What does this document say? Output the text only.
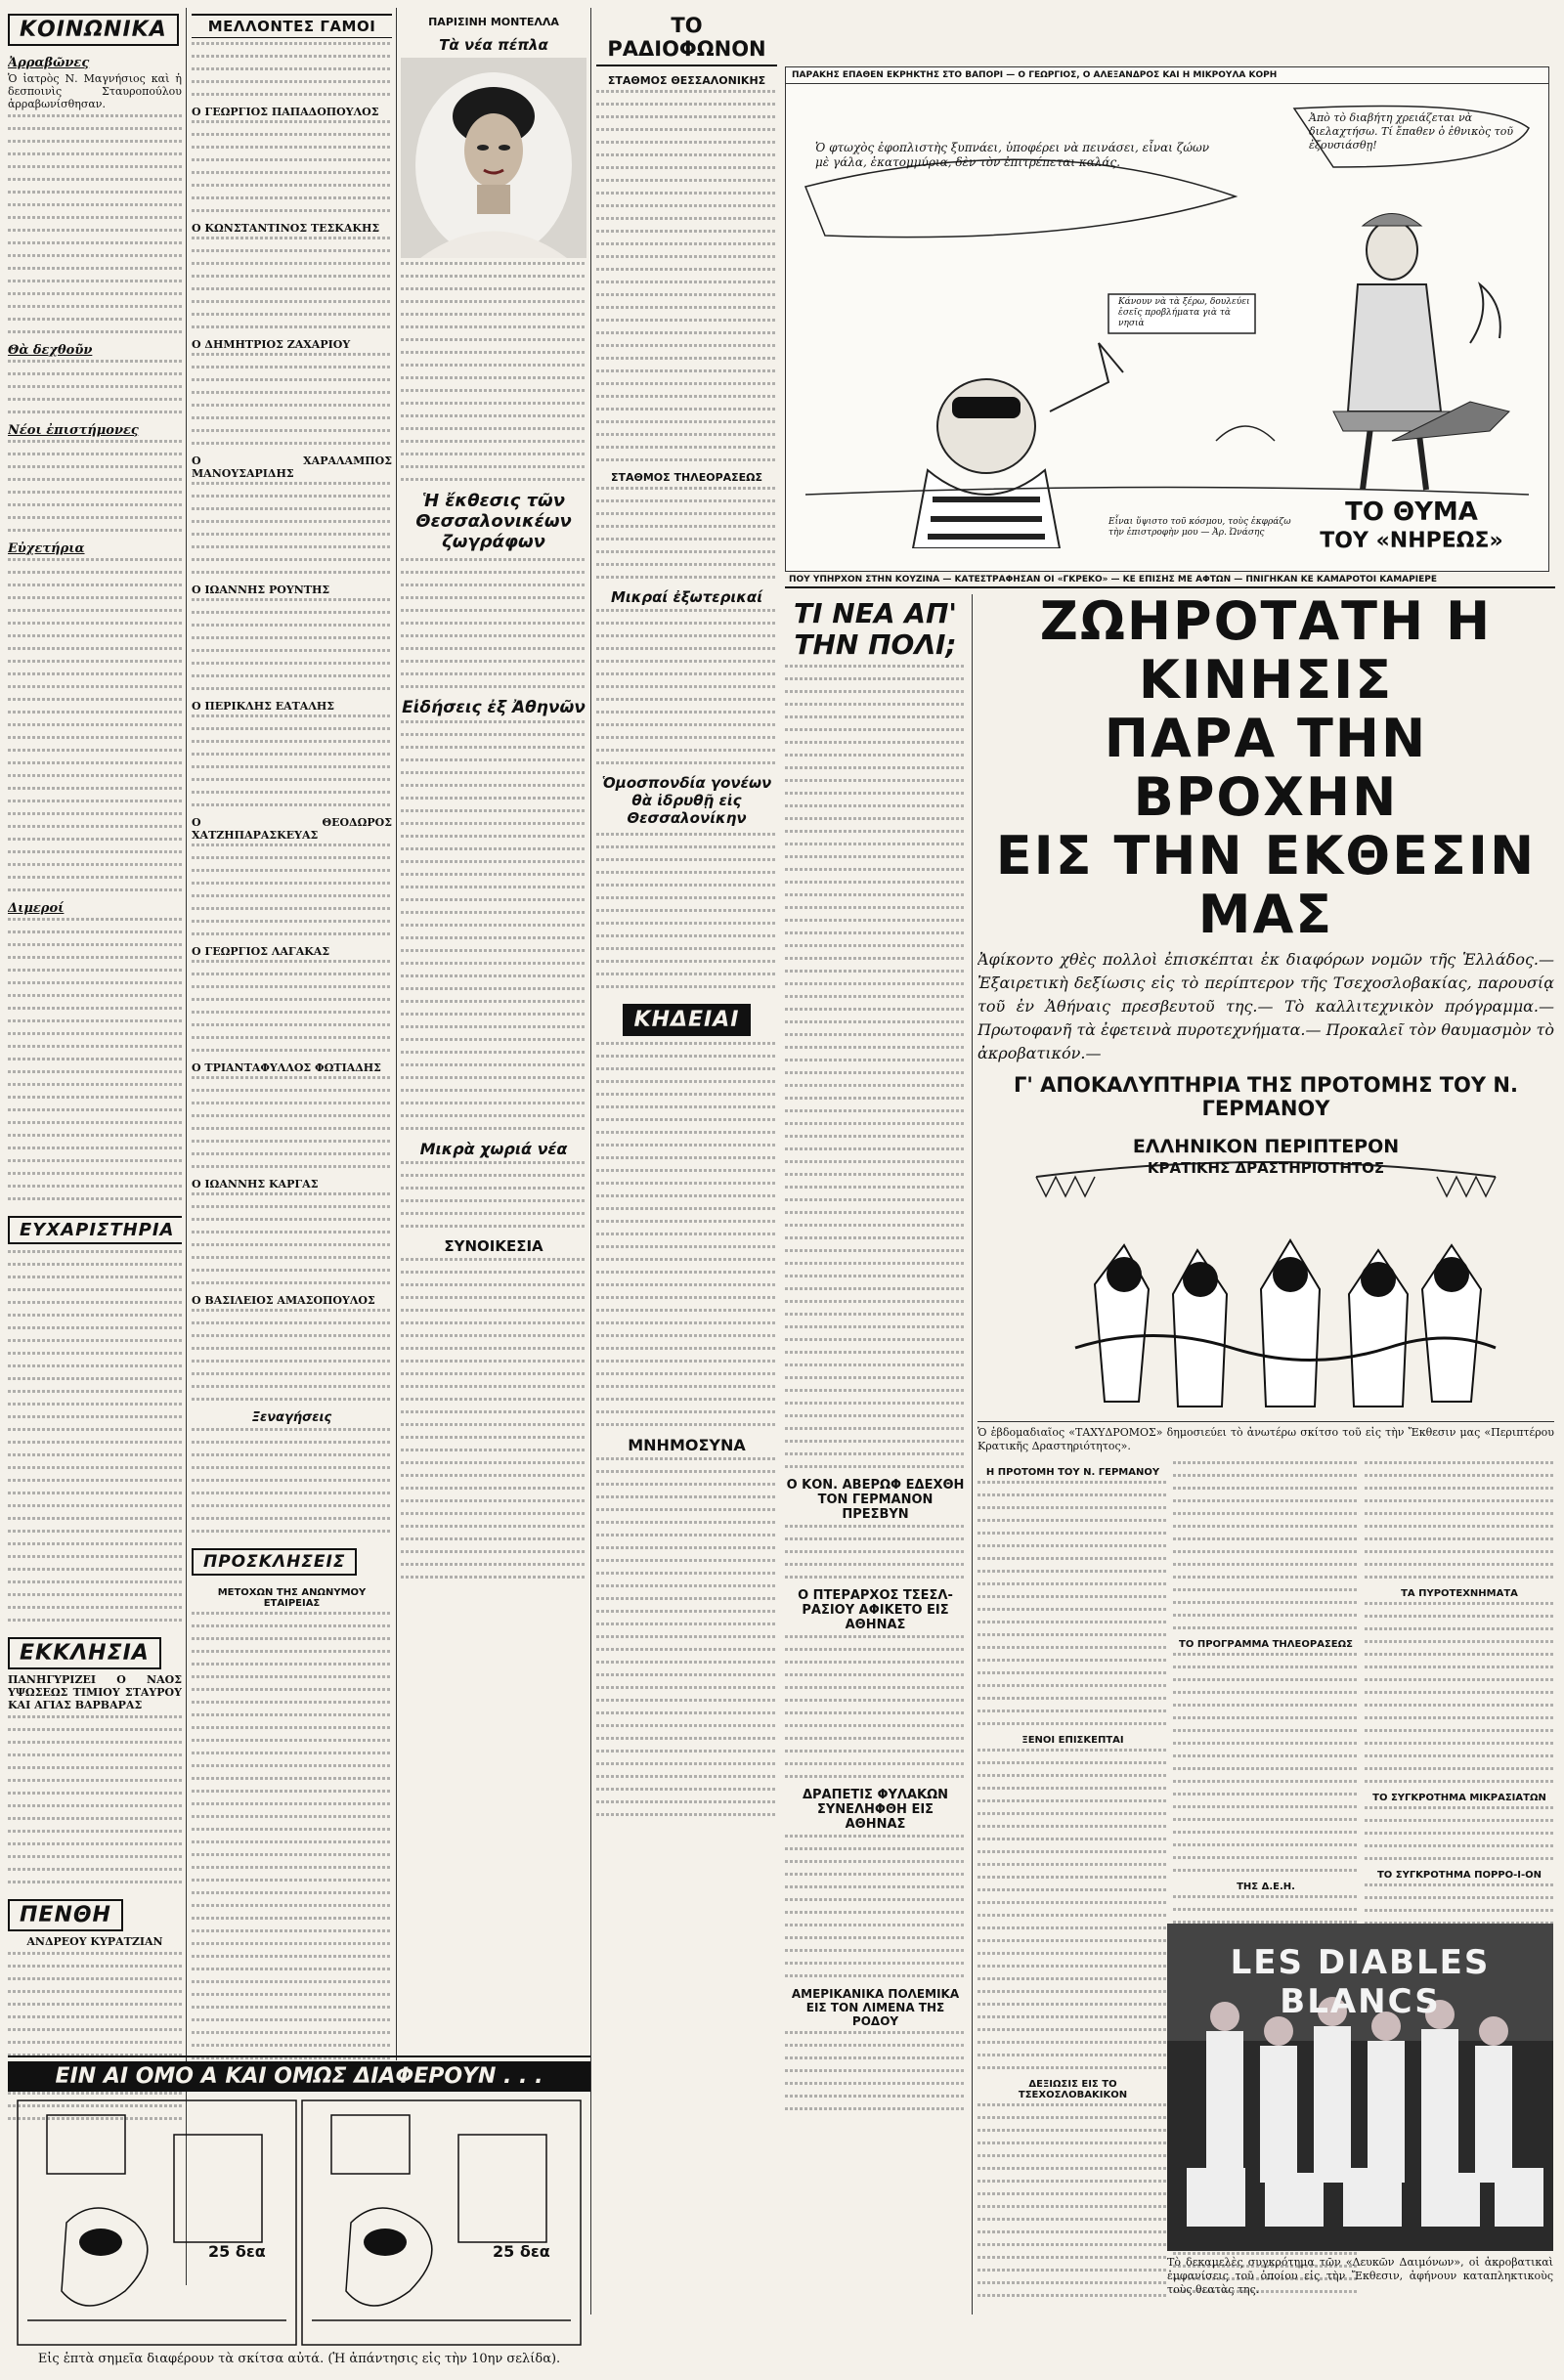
ΚΟΙΝΩΝΙΚΑ
Ἀρραβῶνες

Ὁ ἰατρὸς Ν. Μαγνήσιος καὶ ἡ δεσποινὶς Σταυροπούλου ἀρραβωνίσθησαν.

Θὰ δεχθοῦν
Νέοι ἐπιστήμονες
Εὐχετήρια
Διμεροί
ΕΥΧΑΡΙΣΤΗΡΙΑ
ΕΚΚΛΗΣΙΑ

ΠΑΝΗΓΥΡΙΖΕΙ Ο ΝΑΟΣ ΥΨΩΣΕΩΣ ΤΙΜΙΟΥ ΣΤΑΥΡΟΥ ΚΑΙ ΑΓΙΑΣ ΒΑΡΒΑΡΑΣ

ΠΕΝΘΗ

ΑΝΔΡΕΟΥ ΚΥΡΑΤΖΙΑΝ

ΜΕΛΛΟΝΤΕΣ ΓΑΜΟΙ
Ο ΓΕΩΡΓΙΟΣ ΠΑΠΑΔΟΠΟΥΛΟΣ
Ο ΚΩΝΣΤΑΝΤΙΝΟΣ ΤΕΣΚΑΚΗΣ
Ο ΔΗΜΗΤΡΙΟΣ ΖΑΧΑΡΙΟΥ
Ο ΧΑΡΑΛΑΜΠΟΣ ΜΑΝΟΥΣΑΡΙΔΗΣ
Ο ΙΩΑΝΝΗΣ ΡΟΥΝΤΗΣ
Ο ΠΕΡΙΚΛΗΣ ΕΑΤΑΛΗΣ
Ο ΘΕΟΔΩΡΟΣ ΧΑΤΖΗΠΑΡΑΣΚΕΥΑΣ
Ο ΓΕΩΡΓΙΟΣ ΛΑΓΑΚΑΣ
Ο ΤΡΙΑΝΤΑΦΥΛΛΟΣ ΦΩΤΙΑΔΗΣ
Ο ΙΩΑΝΝΗΣ ΚΑΡΓΑΣ
Ο ΒΑΣΙΛΕΙΟΣ ΑΜΑΣΟΠΟΥΛΟΣ
Ξεναγήσεις
ΠΡΟΣΚΛΗΣΕΙΣ
ΜΕΤΟΧΩΝ ΤΗΣ ΑΝΩΝΥΜΟΥ ΕΤΑΙΡΕΙΑΣ
ΠΑΡΙΣΙΝΗ ΜΟΝΤΕΛΛΑ
Τὰ νέα πέπλα
Ἡ ἔκθεσις τῶν Θεσσαλονικέων ζωγράφων
Εἰδήσεις ἐξ Ἀθηνῶν
Μικρὰ χωριά νέα
ΣΥΝΟΙΚΕΣΙΑ
ΤΟ ΡΑΔΙΟΦΩΝΟΝ
ΣΤΑΘΜΟΣ ΘΕΣΣΑΛΟΝΙΚΗΣ
ΣΤΑΘΜΟΣ ΤΗΛΕΟΡΑΣΕΩΣ
Μικραί ἐξωτερικαί
Ὁμοσπονδία γονέων θὰ ἱδρυθῇ εἰς Θεσσαλονίκην
ΚΗΔΕΙΑΙ
ΜΝΗΜΟΣΥΝΑ
ΠΑΡΑΚΗΣ ΕΠΑΘΕΝ ΕΚΡΗΚΤΗΣ ΣΤΟ ΒΑΠΟΡΙ — Ο ΓΕΩΡΓΙΟΣ, Ο ΑΛΕΞΑΝΔΡΟΣ ΚΑΙ Η ΜΙΚΡΟΥΛΑ ΚΟΡΗ
Ὁ φτωχὸς ἐφοπλιστὴς ξυπνάει, ὑποφέρει νὰ πεινάσει, εἶναι ζώων μὲ γάλα, ἑκατομμύρια, δὲν τὸν ἐπιτρέπεται καλάς.
Ἀπὸ τὸ διαβήτη χρειάζεται νὰ διελαχτήσω. Τί ἔπαθεν ὁ ἐθνικὸς τοῦ ἐξουσιάσθῃ!
Κάνουν νὰ τὰ ξέρω, δουλεύει ἐσεῖς προβλήματα γιὰ τὰ νησιὰ
Εἶναι ὕψιστο τοῦ κόσμου, τοὺς ἐκφράζω τὴν ἐπιστροφὴν μου — Ἀρ. Ὠνάσης
ΤΟ ΘΥΜΑ
ΤΟΥ «ΝΗΡΕΩΣ»
ΠΟΥ ΥΠΗΡΧΟΝ ΣΤΗΝ ΚΟΥΖΙΝΑ — ΚΑΤΕΣΤΡΑΦΗΣΑΝ ΟΙ «ΓΚΡΕΚΟ» — ΚΕ ΕΠΙΣΗΣ ΜΕ ΑΦΤΩΝ — ΠΝΙΓΗΚΑΝ ΚΕ ΚΑΜΑΡΟΤΟΙ ΚΑΜΑΡΙΕΡΕ
ΤΙ ΝΕΑ ΑΠ' ΤΗΝ ΠΟΛΙ;
Ο ΚΟΝ. ΑΒΕΡΩΦ ΕΔΕΧΘΗ ΤΟΝ ΓΕΡΜΑΝΟΝ ΠΡΕΣΒΥΝ
Ο ΠΤΕΡΑΡΧΟΣ ΤΣΕΣΛ-ΡΑΣΙΟΥ ΑΦΙΚΕΤΟ ΕΙΣ ΑΘΗΝΑΣ
ΔΡΑΠΕΤΙΣ ΦΥΛΑΚΩΝ ΣΥΝΕΛΗΦΘΗ ΕΙΣ ΑΘΗΝΑΣ
ΑΜΕΡΙΚΑΝΙΚΑ ΠΟΛΕΜΙΚΑ ΕΙΣ ΤΟΝ ΛΙΜΕΝΑ ΤΗΣ ΡΟΔΟΥ
ΖΩΗΡΟΤΑΤΗ Η ΚΙΝΗΣΙΣ
ΠΑΡΑ ΤΗΝ ΒΡΟΧΗΝ
ΕΙΣ ΤΗΝ ΕΚΘΕΣΙΝ ΜΑΣ

Ἀφίκοντο χθὲς πολλοὶ ἐπισκέπται ἐκ διαφόρων νομῶν τῆς Ἑλλάδος.— Ἐξαιρετικὴ δεξίωσις εἰς τὸ περίπτερον τῆς Τσεχοσλοβακίας, παρουσίᾳ τοῦ ἐν Ἀθήναις πρεσβευτοῦ της.— Τὸ καλλιτεχνικὸν πρόγραμμα.— Πρωτοφανῆ τὰ ἐφετεινὰ πυροτεχνήματα.— Προκαλεῖ τὸν θαυμασμὸν τὸ ἀκροβατικόν.—

Γ' ΑΠΟΚΑΛΥΠΤΗΡΙΑ ΤΗΣ ΠΡΟΤΟΜΗΣ ΤΟΥ Ν. ΓΕΡΜΑΝΟΥ
ΕΛΛΗΝΙΚΟΝ ΠΕΡΙΠΤΕΡΟΝ
ΚΡΑΤΙΚΗΣ ΔΡΑΣΤΗΡΙΟΤΗΤΟΣ

Ὁ ἑβδομαδιαῖος «ΤΑΧΥΔΡΟΜΟΣ» δημοσιεύει τὸ ἀνωτέρω σκίτσο τοῦ εἰς τὴν Ἔκθεσιν μας «Περιπτέρου Κρατικῆς Δραστηριότητος».

Η ΠΡΟΤΟΜΗ ΤΟΥ Ν. ΓΕΡΜΑΝΟΥ
ΞΕΝΟΙ ΕΠΙΣΚΕΠΤΑΙ
ΔΕΞΙΩΣΙΣ ΕΙΣ ΤΟ ΤΣΕΧΟΣΛΟΒΑΚΙΚΟΝ
ΤΟ ΠΡΟΓΡΑΜΜΑ ΤΗΛΕΟΡΑΣΕΩΣ
ΤΗΣ Δ.Ε.Η.
ΤΑ ΠΥΡΟΤΕΧΝΗΜΑΤΑ
ΤΟ ΣΥΓΚΡΟΤΗΜΑ ΜΙΚΡΑΣΙΑΤΩΝ
ΤΟ ΣΥΓΚΡΟΤΗΜΑ ΠΟΡΡΟ-Ι-ΟΝ
LES DIABLES BLANCS

Τὸ δεκαμελὲς συγκρότημα τῶν «Λευκῶν Δαιμόνων», οἱ ἀκροβατικαὶ ἐμφανίσεις τοῦ ὁποίου εἰς τὴν Ἔκθεσιν, ἀφήνουν καταπληκτικοὺς τοὺς θεατὰς της.

ΕΙΝ ΑΙ ΟΜΟ Α ΚΑΙ ΟΜΩΣ ΔΙΑΦΕΡΟΥΝ . . .
25 δεα	25 δεα
Εἰς ἑπτὰ σημεῖα διαφέρουν τὰ σκίτσα αὐτά. (Ἡ ἀπάντησις εἰς τὴν 10ην σελίδα).
